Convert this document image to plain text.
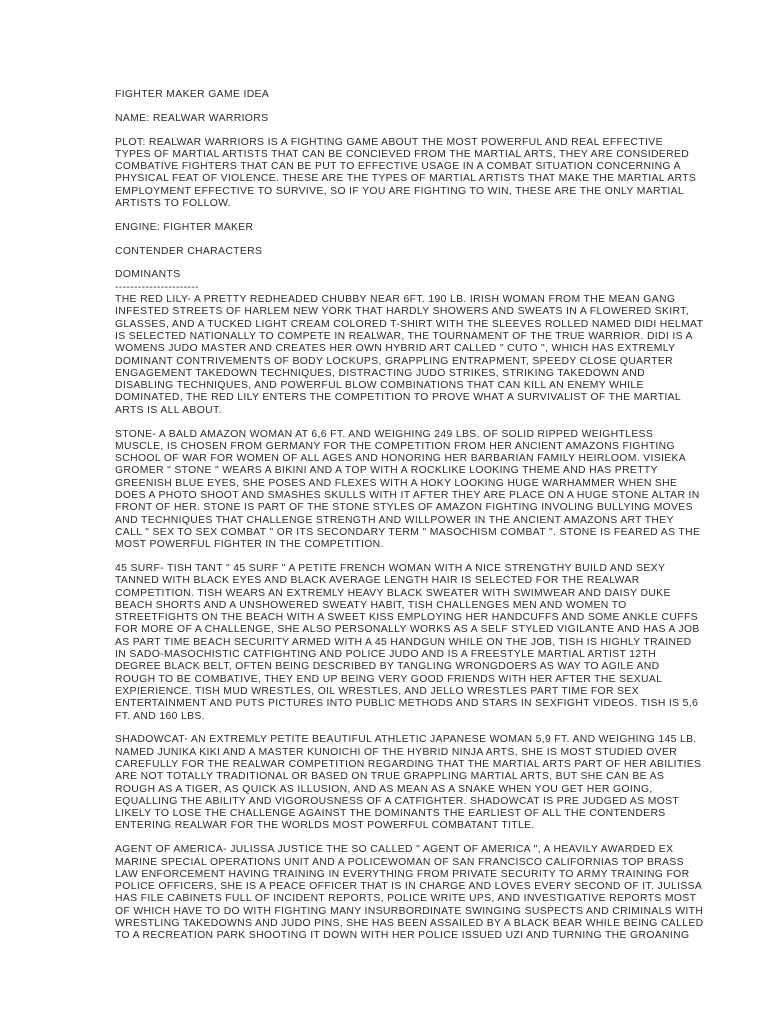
FIGHTER MAKER GAME IDEA
NAME: REALWAR WARRIORS
PLOT: REALWAR WARRIORS IS A FIGHTING GAME ABOUT THE MOST POWERFUL AND REAL EFFECTIVE
TYPES OF MARTIAL ARTISTS THAT CAN BE CONCIEVED FROM THE MARTIAL ARTS, THEY ARE CONSIDERED
COMBATIVE FIGHTERS THAT CAN BE PUT TO EFFECTIVE USAGE IN A COMBAT SITUATION CONCERNING A
PHYSICAL FEAT OF VIOLENCE. THESE ARE THE TYPES OF MARTIAL ARTISTS THAT MAKE THE MARTIAL ARTS
EMPLOYMENT EFFECTIVE TO SURVIVE, SO IF YOU ARE FIGHTING TO WIN, THESE ARE THE ONLY MARTIAL
ARTISTS TO FOLLOW.
ENGINE: FIGHTER MAKER
CONTENDER CHARACTERS
DOMINANTS
----------------------
THE RED LILY- A PRETTY REDHEADED CHUBBY NEAR 6FT. 190 LB. IRISH WOMAN FROM THE MEAN GANG
INFESTED STREETS OF HARLEM NEW YORK THAT HARDLY SHOWERS AND SWEATS IN A FLOWERED SKIRT,
GLASSES, AND A TUCKED LIGHT CREAM COLORED T-SHIRT WITH THE SLEEVES ROLLED NAMED DIDI HELMAT
IS SELECTED NATIONALLY TO COMPETE IN REALWAR, THE TOURNAMENT OF THE TRUE WARRIOR. DIDI IS A
WOMENS JUDO MASTER AND CREATES HER OWN HYBRID ART CALLED " CUTO ", WHICH HAS EXTREMLY
DOMINANT CONTRIVEMENTS OF BODY LOCKUPS, GRAPPLING ENTRAPMENT, SPEEDY CLOSE QUARTER
ENGAGEMENT TAKEDOWN TECHNIQUES, DISTRACTING JUDO STRIKES, STRIKING TAKEDOWN AND
DISABLING TECHNIQUES, AND POWERFUL BLOW COMBINATIONS THAT CAN KILL AN ENEMY WHILE
DOMINATED, THE RED LILY ENTERS THE COMPETITION TO PROVE WHAT A SURVIVALIST OF THE MARTIAL
ARTS IS ALL ABOUT.
STONE- A BALD AMAZON WOMAN AT 6,6 FT. AND WEIGHING 249 LBS. OF SOLID RIPPED WEIGHTLESS
MUSCLE, IS CHOSEN FROM GERMANY FOR THE COMPETITION FROM HER ANCIENT AMAZONS FIGHTING
SCHOOL OF WAR FOR WOMEN OF ALL AGES AND HONORING HER BARBARIAN FAMILY HEIRLOOM. VISIEKA
GROMER " STONE " WEARS A BIKINI AND A TOP WITH A ROCKLIKE LOOKING THEME AND HAS PRETTY
GREENISH BLUE EYES, SHE POSES AND FLEXES WITH A HOKY LOOKING HUGE WARHAMMER WHEN SHE
DOES A PHOTO SHOOT AND SMASHES SKULLS WITH IT AFTER THEY ARE PLACE ON A HUGE STONE ALTAR IN
FRONT OF HER. STONE IS PART OF THE STONE STYLES OF AMAZON FIGHTING INVOLING BULLYING MOVES
AND TECHNIQUES THAT CHALLENGE STRENGTH AND WILLPOWER IN THE ANCIENT AMAZONS ART THEY
CALL " SEX TO SEX COMBAT " OR ITS SECONDARY TERM " MASOCHISM COMBAT ". STONE IS FEARED AS THE
MOST POWERFUL FIGHTER IN THE COMPETITION.
45 SURF- TISH TANT " 45 SURF " A PETITE FRENCH WOMAN WITH A NICE STRENGTHY BUILD AND SEXY
TANNED WITH BLACK EYES AND BLACK AVERAGE LENGTH HAIR IS SELECTED FOR THE REALWAR
COMPETITION. TISH WEARS AN EXTREMLY HEAVY BLACK SWEATER WITH SWIMWEAR AND DAISY DUKE
BEACH SHORTS AND A UNSHOWERED SWEATY HABIT, TISH CHALLENGES MEN AND WOMEN TO
STREETFIGHTS ON THE BEACH WITH A SWEET KISS EMPLOYING HER HANDCUFFS AND SOME ANKLE CUFFS
FOR MORE OF A CHALLENGE, SHE ALSO PERSONALLY WORKS AS A SELF STYLED VIGILANTE AND HAS A JOB
AS PART TIME BEACH SECURITY ARMED WITH A 45 HANDGUN WHILE ON THE JOB, TISH IS HIGHLY TRAINED
IN SADO-MASOCHISTIC CATFIGHTING AND POLICE JUDO AND IS A FREESTYLE MARTIAL ARTIST 12TH
DEGREE BLACK BELT, OFTEN BEING DESCRIBED BY TANGLING WRONGDOERS AS WAY TO AGILE AND
ROUGH TO BE COMBATIVE, THEY END UP BEING VERY GOOD FRIENDS WITH HER AFTER THE SEXUAL
EXPIERIENCE. TISH MUD WRESTLES, OIL WRESTLES, AND JELLO WRESTLES PART TIME FOR SEX
ENTERTAINMENT AND PUTS PICTURES INTO PUBLIC METHODS AND STARS IN SEXFIGHT VIDEOS. TISH IS 5,6
FT. AND 160 LBS.
SHADOWCAT- AN EXTREMLY PETITE BEAUTIFUL ATHLETIC JAPANESE WOMAN 5,9 FT. AND WEIGHING 145 LB.
NAMED JUNIKA KIKI AND A MASTER KUNOICHI OF THE HYBRID NINJA ARTS, SHE IS MOST STUDIED OVER
CAREFULLY FOR THE REALWAR COMPETITION REGARDING THAT THE MARTIAL ARTS PART OF HER ABILITIES
ARE NOT TOTALLY TRADITIONAL OR BASED ON TRUE GRAPPLING MARTIAL ARTS, BUT SHE CAN BE AS
ROUGH AS A TIGER, AS QUICK AS ILLUSION, AND AS MEAN AS A SNAKE WHEN YOU GET HER GOING,
EQUALLING THE ABILITY AND VIGOROUSNESS OF A CATFIGHTER. SHADOWCAT IS PRE JUDGED AS MOST
LIKELY TO LOSE THE CHALLENGE AGAINST THE DOMINANTS THE EARLIEST OF ALL THE CONTENDERS
ENTERING REALWAR FOR THE WORLDS MOST POWERFUL COMBATANT TITLE.
AGENT OF AMERICA- JULISSA JUSTICE THE SO CALLED " AGENT OF AMERICA ", A HEAVILY AWARDED EX
MARINE SPECIAL OPERATIONS UNIT AND A POLICEWOMAN OF SAN FRANCISCO CALIFORNIAS TOP BRASS
LAW ENFORCEMENT HAVING TRAINING IN EVERYTHING FROM PRIVATE SECURITY TO ARMY TRAINING FOR
POLICE OFFICERS, SHE IS A PEACE OFFICER THAT IS IN CHARGE AND LOVES EVERY SECOND OF IT. JULISSA
HAS FILE CABINETS FULL OF INCIDENT REPORTS, POLICE WRITE UPS, AND INVESTIGATIVE REPORTS MOST
OF WHICH HAVE TO DO WITH FIGHTING MANY INSURBORDINATE SWINGING SUSPECTS AND CRIMINALS WITH
WRESTLING TAKEDOWNS AND JUDO PINS, SHE HAS BEEN ASSAILED BY A BLACK BEAR WHILE BEING CALLED
TO A RECREATION PARK SHOOTING IT DOWN WITH HER POLICE ISSUED UZI AND TURNING THE GROANING
